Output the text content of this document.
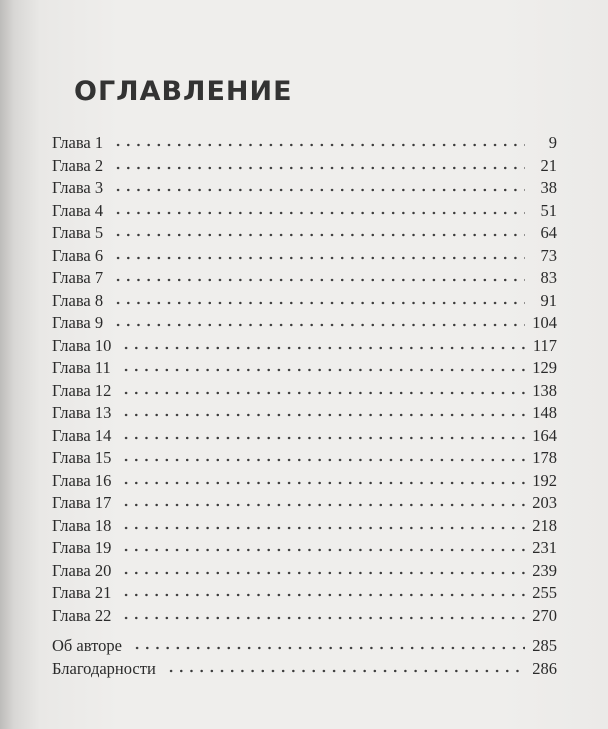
ОГЛАВЛЕНИЕ
Глава 1	9
Глава 2	21
Глава 3	38
Глава 4	51
Глава 5	64
Глава 6	73
Глава 7	83
Глава 8	91
Глава 9	104
Глава 10	117
Глава 11	129
Глава 12	138
Глава 13	148
Глава 14	164
Глава 15	178
Глава 16	192
Глава 17	203
Глава 18	218
Глава 19	231
Глава 20	239
Глава 21	255
Глава 22	270
Об авторе	285
Благодарности	286
